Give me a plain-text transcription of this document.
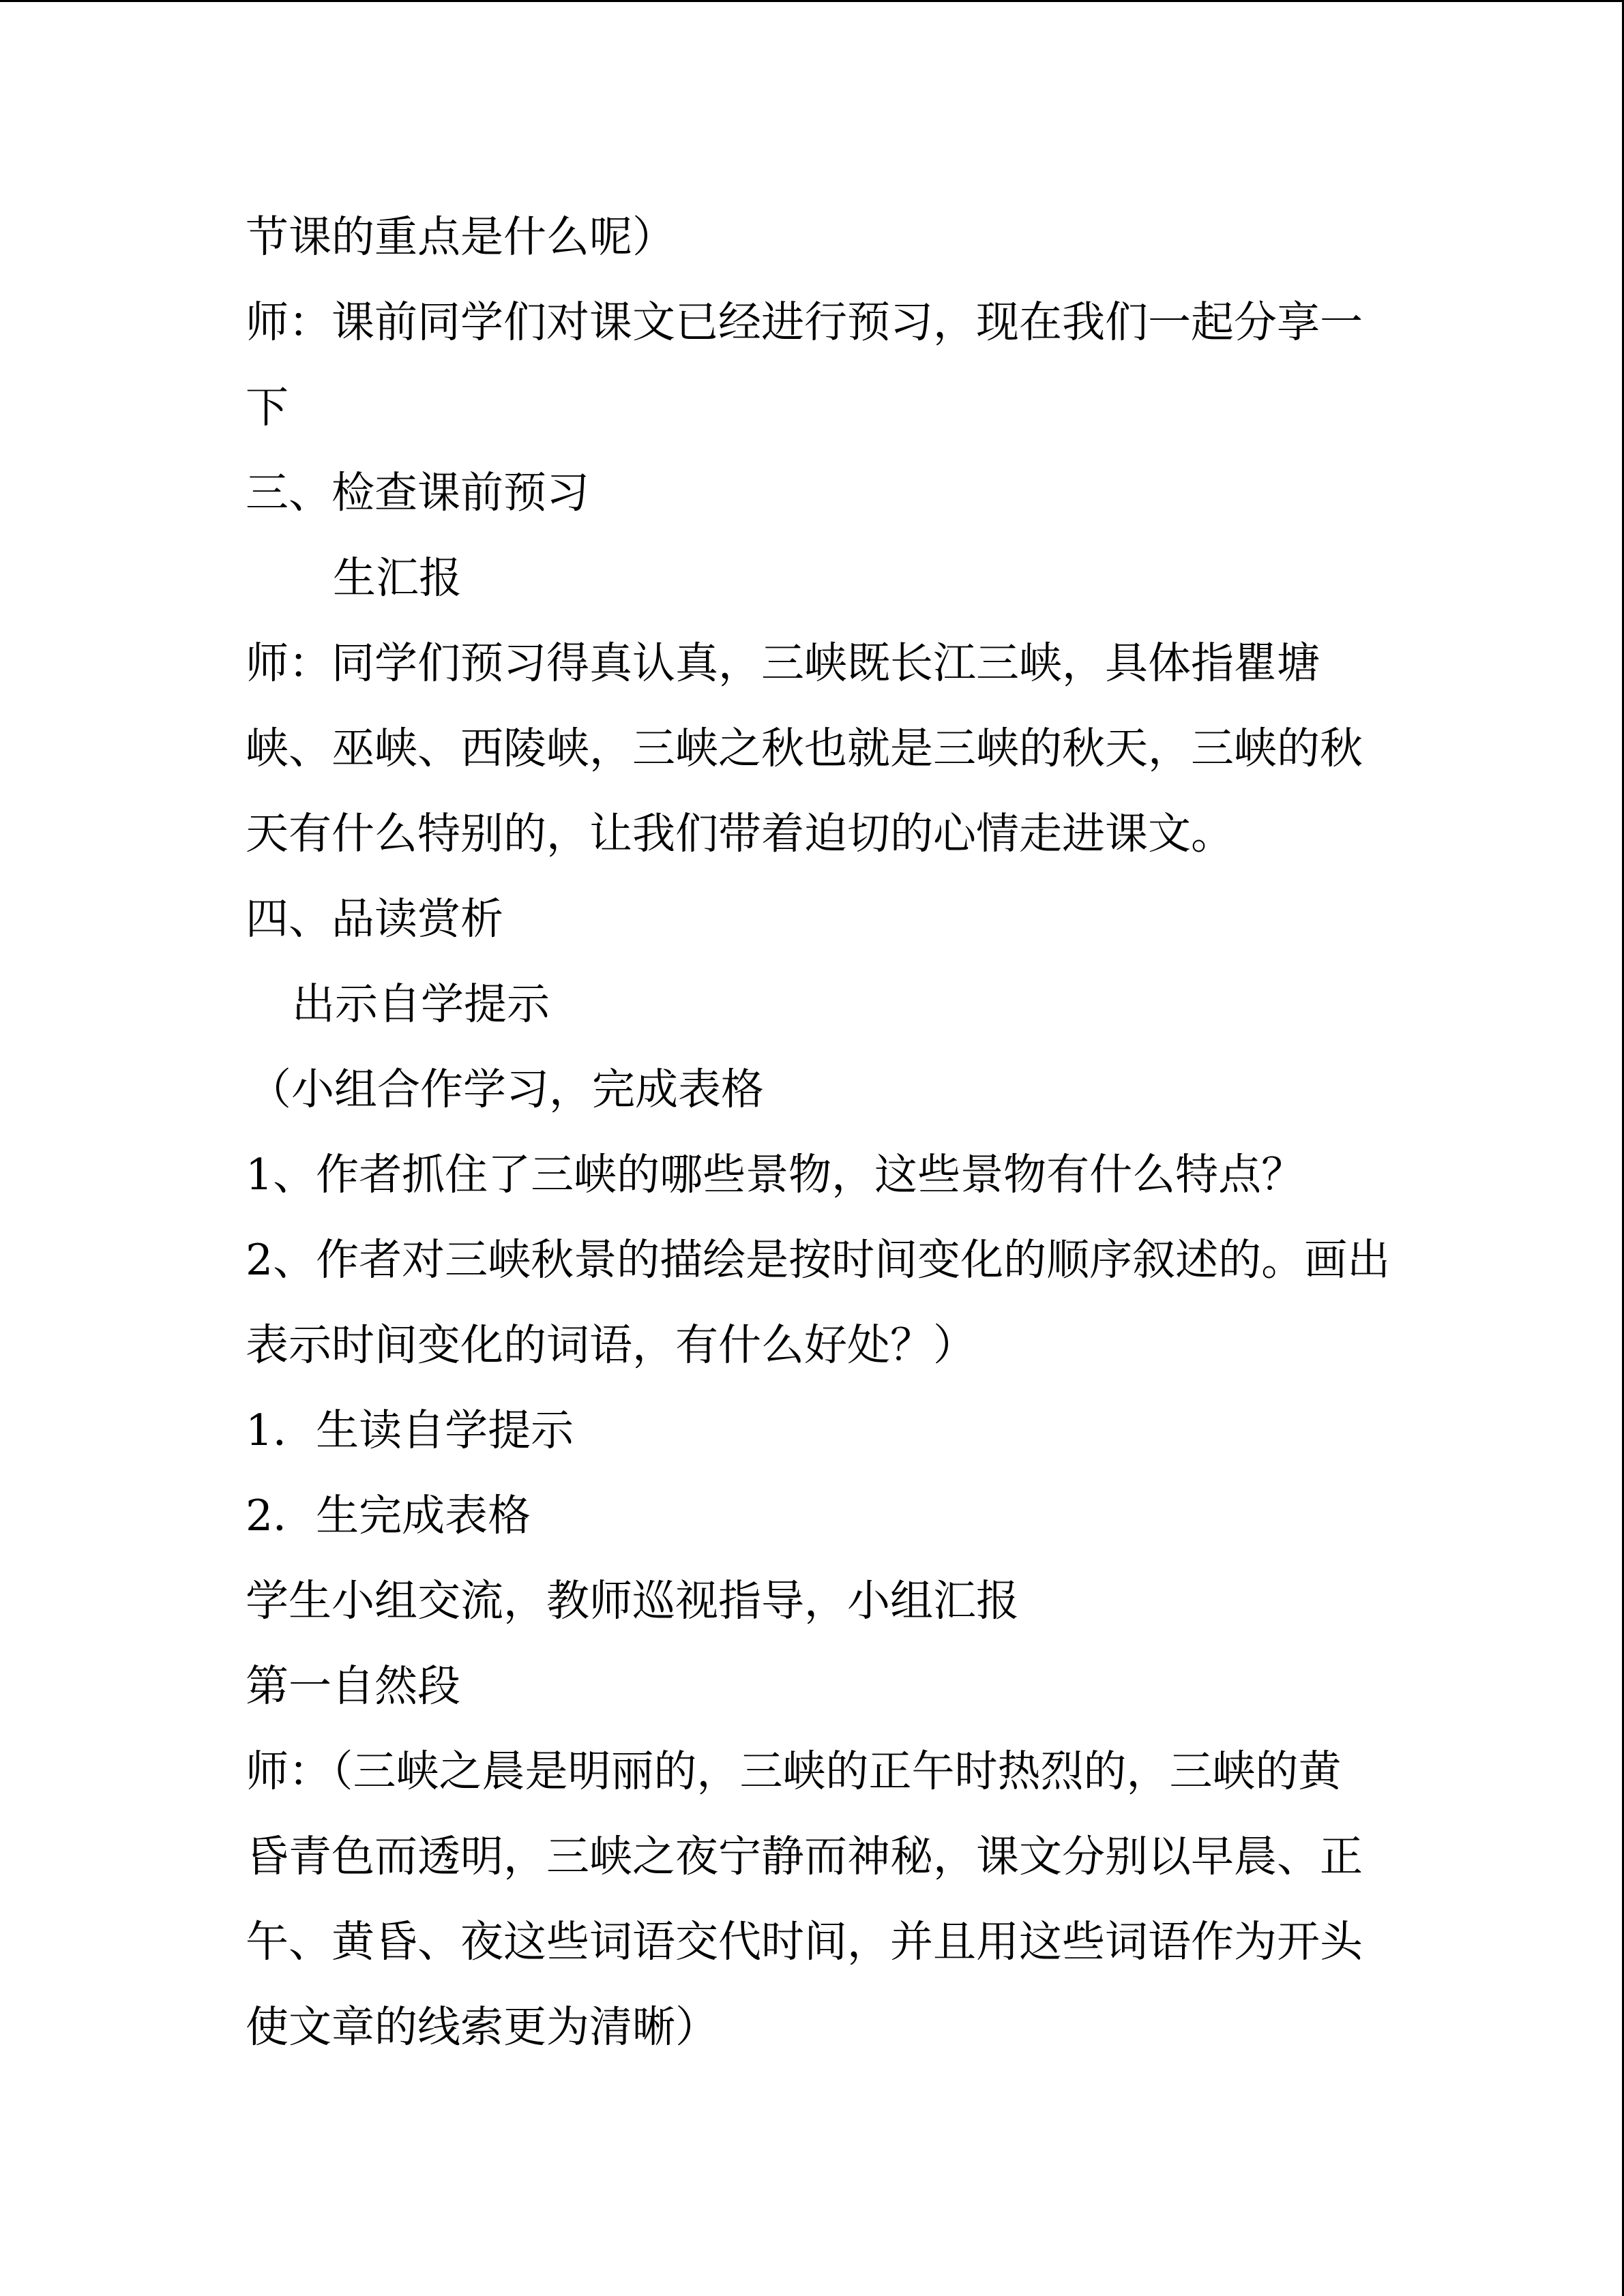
节课的重点是什么呢）
师：课前同学们对课文已经进行预习，现在我们一起分享一
下
三、检查课前预习
生汇报
师：同学们预习得真认真，三峡既长江三峡，具体指瞿塘
峡、巫峡、西陵峡，三峡之秋也就是三峡的秋天，三峡的秋
天有什么特别的，让我们带着迫切的心情走进课文。
四、品读赏析
出示自学提示
（小组合作学习，完成表格
1、作者抓住了三峡的哪些景物，这些景物有什么特点？
2、作者对三峡秋景的描绘是按时间变化的顺序叙述的。画出
表示时间变化的词语，有什么好处？）
1．生读自学提示
2．生完成表格
学生小组交流，教师巡视指导，小组汇报
第一自然段
师：（三峡之晨是明丽的，三峡的正午时热烈的，三峡的黄
昏青色而透明，三峡之夜宁静而神秘，课文分别以早晨、正
午、黄昏、夜这些词语交代时间，并且用这些词语作为开头
使文章的线索更为清晰）
